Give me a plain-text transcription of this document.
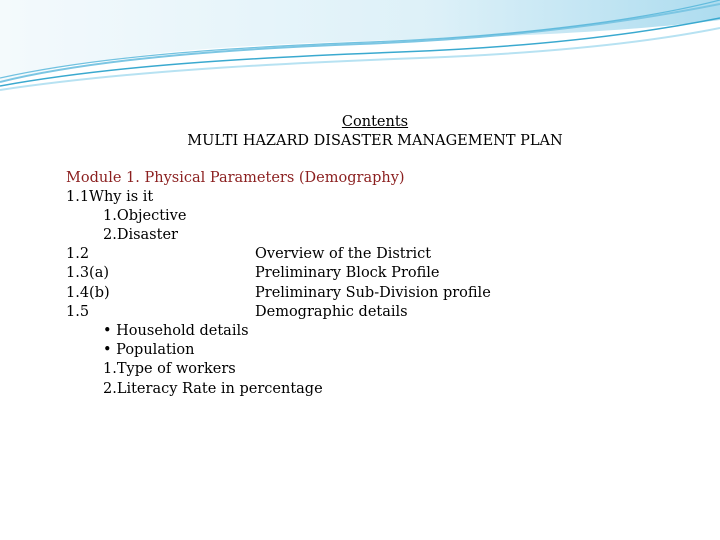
Contents
MULTI HAZARD DISASTER MANAGEMENT PLAN
Module 1. Physical Parameters (Demography)
1.1Why is it
1.Objective
2.Disaster
1.2	Overview of the District
1.3(a)	Preliminary Block Profile
1.4(b)	Preliminary Sub-Division profile
1.5	Demographic details
• Household details
• Population
1.Type of workers
2.Literacy Rate in percentage
